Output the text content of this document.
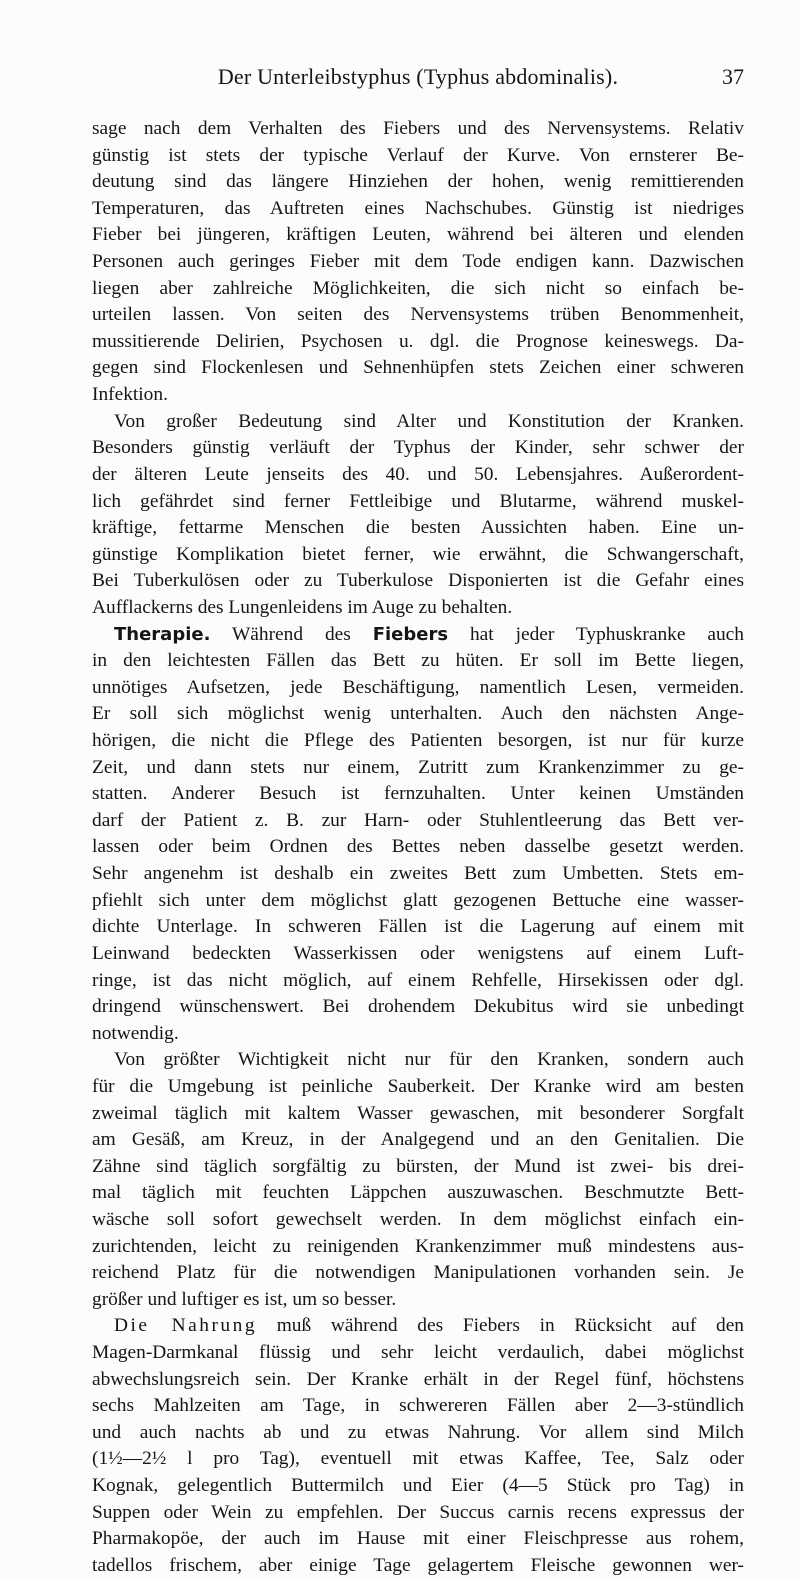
Der Unterleibstyphus (Typhus abdominalis).	37
sage nach dem Verhalten des Fiebers und des Nervensystems. Relativ
günstig ist stets der typische Verlauf der Kurve. Von ernsterer Be-
deutung sind das längere Hinziehen der hohen, wenig remittierenden
Temperaturen, das Auftreten eines Nachschubes. Günstig ist niedriges
Fieber bei jüngeren, kräftigen Leuten, während bei älteren und elenden
Personen auch geringes Fieber mit dem Tode endigen kann. Dazwischen
liegen aber zahlreiche Möglichkeiten, die sich nicht so einfach be-
urteilen lassen. Von seiten des Nervensystems trüben Benommenheit,
mussitierende Delirien, Psychosen u. dgl. die Prognose keineswegs. Da-
gegen sind Flockenlesen und Sehnenhüpfen stets Zeichen einer schweren
Infektion.
Von großer Bedeutung sind Alter und Konstitution der Kranken.
Besonders günstig verläuft der Typhus der Kinder, sehr schwer der
der älteren Leute jenseits des 40. und 50. Lebensjahres. Außerordent-
lich gefährdet sind ferner Fettleibige und Blutarme, während muskel-
kräftige, fettarme Menschen die besten Aussichten haben. Eine un-
günstige Komplikation bietet ferner, wie erwähnt, die Schwangerschaft,
Bei Tuberkulösen oder zu Tuberkulose Disponierten ist die Gefahr eines
Aufflackerns des Lungenleidens im Auge zu behalten.
Therapie. Während des Fiebers hat jeder Typhuskranke auch
in den leichtesten Fällen das Bett zu hüten. Er soll im Bette liegen,
unnötiges Aufsetzen, jede Beschäftigung, namentlich Lesen, vermeiden.
Er soll sich möglichst wenig unterhalten. Auch den nächsten Ange-
hörigen, die nicht die Pflege des Patienten besorgen, ist nur für kurze
Zeit, und dann stets nur einem, Zutritt zum Krankenzimmer zu ge-
statten. Anderer Besuch ist fernzuhalten. Unter keinen Umständen
darf der Patient z. B. zur Harn- oder Stuhlentleerung das Bett ver-
lassen oder beim Ordnen des Bettes neben dasselbe gesetzt werden.
Sehr angenehm ist deshalb ein zweites Bett zum Umbetten. Stets em-
pfiehlt sich unter dem möglichst glatt gezogenen Bettuche eine wasser-
dichte Unterlage. In schweren Fällen ist die Lagerung auf einem mit
Leinwand bedeckten Wasserkissen oder wenigstens auf einem Luft-
ringe, ist das nicht möglich, auf einem Rehfelle, Hirsekissen oder dgl.
dringend wünschenswert. Bei drohendem Dekubitus wird sie unbedingt
notwendig.
Von größter Wichtigkeit nicht nur für den Kranken, sondern auch
für die Umgebung ist peinliche Sauberkeit. Der Kranke wird am besten
zweimal täglich mit kaltem Wasser gewaschen, mit besonderer Sorgfalt
am Gesäß, am Kreuz, in der Analgegend und an den Genitalien. Die
Zähne sind täglich sorgfältig zu bürsten, der Mund ist zwei- bis drei-
mal täglich mit feuchten Läppchen auszuwaschen. Beschmutzte Bett-
wäsche soll sofort gewechselt werden. In dem möglichst einfach ein-
zurichtenden, leicht zu reinigenden Krankenzimmer muß mindestens aus-
reichend Platz für die notwendigen Manipulationen vorhanden sein. Je
größer und luftiger es ist, um so besser.
Die Nahrung muß während des Fiebers in Rücksicht auf den
Magen-Darmkanal flüssig und sehr leicht verdaulich, dabei möglichst
abwechslungsreich sein. Der Kranke erhält in der Regel fünf, höchstens
sechs Mahlzeiten am Tage, in schwereren Fällen aber 2—3-stündlich
und auch nachts ab und zu etwas Nahrung. Vor allem sind Milch
(1½—2½ l pro Tag), eventuell mit etwas Kaffee, Tee, Salz oder
Kognak, gelegentlich Buttermilch und Eier (4—5 Stück pro Tag) in
Suppen oder Wein zu empfehlen. Der Succus carnis recens expressus der
Pharmakopöe, der auch im Hause mit einer Fleischpresse aus rohem,
tadellos frischem, aber einige Tage gelagertem Fleische gewonnen wer-
